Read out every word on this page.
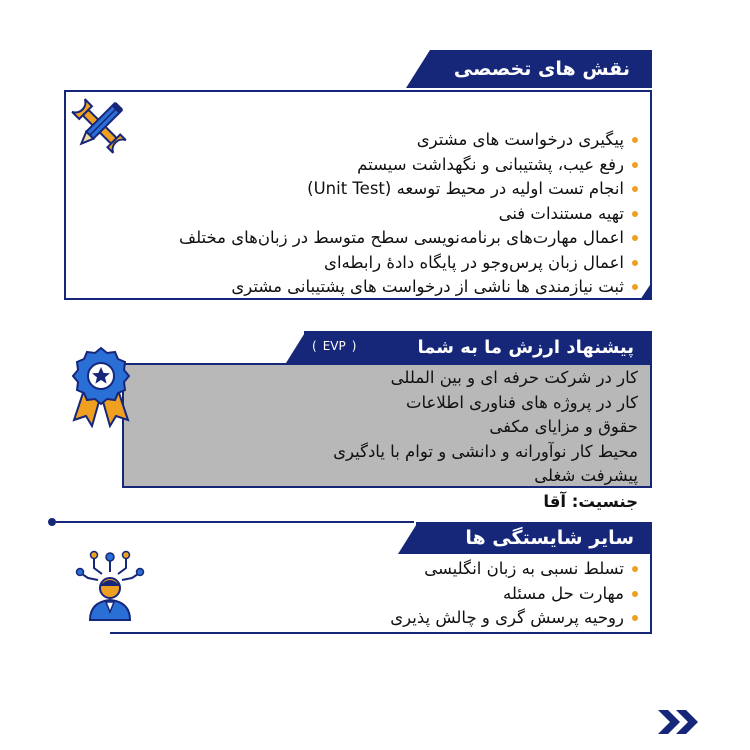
نقش های تخصصی
پیگیری درخواست های مشتری
رفع عیب، پشتیبانی و نگهداشت سیستم
انجام تست اولیه در محیط توسعه (Unit Test)
تهیه مستندات فنی
اعمال مهارت‌های برنامه‌نویسی سطح متوسط در زبان‌های مختلف
اعمال زبان پرس‌وجو در پایگاه دادهٔ رابطه‌ای
ثبت نیازمندی ها ناشی از درخواست های پشتیبانی مشتری
پیشنهاد ارزش ما به شما
( EVP )
کار در شرکت حرفه ای و بین المللی
کار در پروژه های فناوری اطلاعات
حقوق و مزایای مکفی
محیط کار نوآورانه و دانشی و توام با یادگیری
پیشرفت شغلی
جنسیت: آقا
سایر شایستگی ها
تسلط نسبی به زبان انگلیسی
مهارت حل مسئله
روحیه پرسش گری و چالش پذیری
